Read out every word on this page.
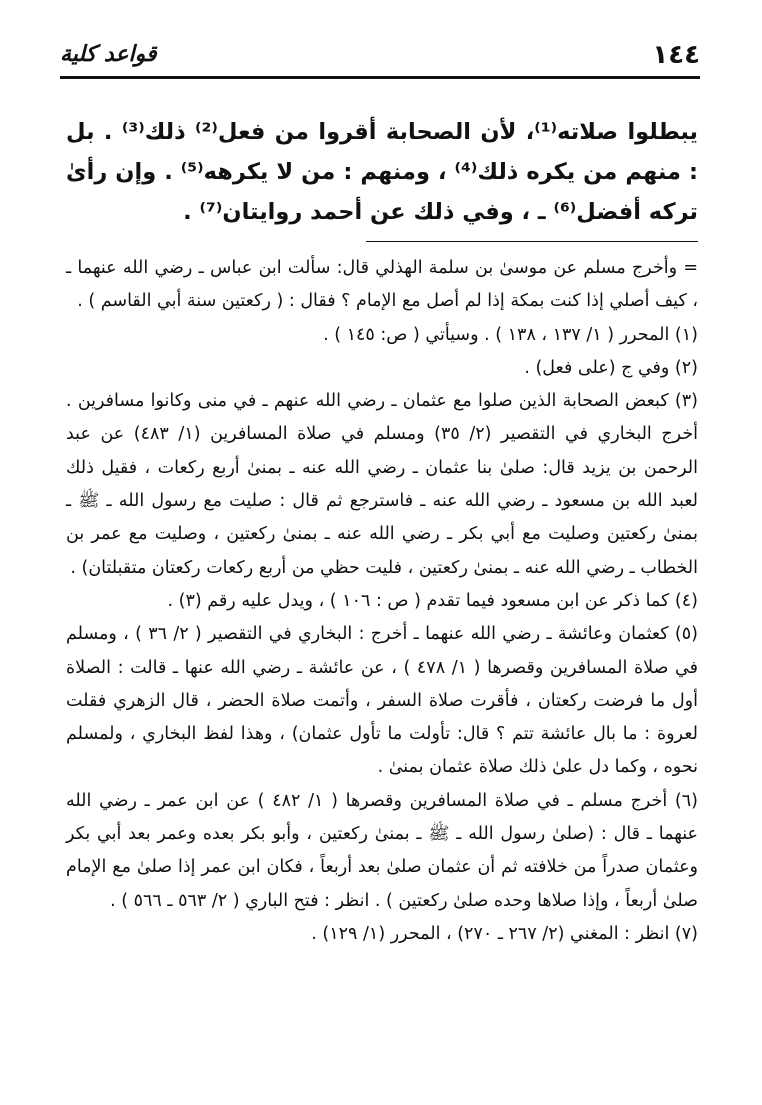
١٤٤
قواعد كلية

يبطلوا صلاته⁽¹⁾، لأن الصحابة أقروا من فعل⁽²⁾ ذلك⁽³⁾ . بل : منهم من يكره ذلك⁽⁴⁾ ، ومنهم : من لا يكرهه⁽⁵⁾ . وإن رأىٰ تركه أفضل⁽⁶⁾ ـ ، وفي ذلك عن أحمد روايتان⁽⁷⁾ .

= وأخرج مسلم عن موسىٰ بن سلمة الهذلي قال: سألت ابن عباس ـ رضي الله عنهما ـ ، كيف أصلي إذا كنت بمكة إذا لم أصل مع الإمام ؟ فقال : ( ركعتين سنة أبي القاسم ) .

(١) المحرر ( ١/ ١٣٧ ، ١٣٨ ) . وسيأتي ( ص: ١٤٥ ) .

(٢) وفي ج (على فعل) .

(٣) كبعض الصحابة الذين صلوا مع عثمان ـ رضي الله عنهم ـ في منى وكانوا مسافرين . أخرج البخاري في التقصير (٢/ ٣٥) ومسلم في صلاة المسافرين (١/ ٤٨٣) عن عبد الرحمن بن يزيد قال: صلىٰ بنا عثمان ـ رضي الله عنه ـ بمنىٰ أربع ركعات ، فقيل ذلك لعبد الله بن مسعود ـ رضي الله عنه ـ فاسترجع ثم قال : صليت مع رسول الله ـ ﷺ ـ بمنىٰ ركعتين وصليت مع أبي بكر ـ رضي الله عنه ـ بمنىٰ ركعتين ، وصليت مع عمر بن الخطاب ـ رضي الله عنه ـ بمنىٰ ركعتين ، فليت حظي من أربع ركعات ركعتان متقبلتان) .

(٤) كما ذكر عن ابن مسعود فيما تقدم ( ص : ١٠٦ ) ، ويدل عليه رقم (٣) .

(٥) كعثمان وعائشة ـ رضي الله عنهما ـ أخرج : البخاري في التقصير ( ٢/ ٣٦ ) ، ومسلم في صلاة المسافرين وقصرها ( ١/ ٤٧٨ ) ، عن عائشة ـ رضي الله عنها ـ قالت : الصلاة أول ما فرضت ركعتان ، فأقرت صلاة السفر ، وأتمت صلاة الحضر ، قال الزهري فقلت لعروة : ما بال عائشة تتم ؟ قال: تأولت ما تأول عثمان) ، وهذا لفظ البخاري ، ولمسلم نحوه ، وكما دل علىٰ ذلك صلاة عثمان بمنىٰ .

(٦) أخرج مسلم ـ في صلاة المسافرين وقصرها ( ١/ ٤٨٢ ) عن ابن عمر ـ رضي الله عنهما ـ قال : (صلىٰ رسول الله ـ ﷺ ـ بمنىٰ ركعتين ، وأبو بكر بعده وعمر بعد أبي بكر وعثمان صدراً من خلافته ثم أن عثمان صلىٰ بعد أربعاً ، فكان ابن عمر إذا صلىٰ مع الإمام صلىٰ أربعاً ، وإذا صلاها وحده صلىٰ ركعتين ) . انظر : فتح الباري ( ٢/ ٥٦٣ ـ ٥٦٦ ) .

(٧) انظر : المغني (٢/ ٢٦٧ ـ ٢٧٠) ، المحرر (١/ ١٢٩) .
